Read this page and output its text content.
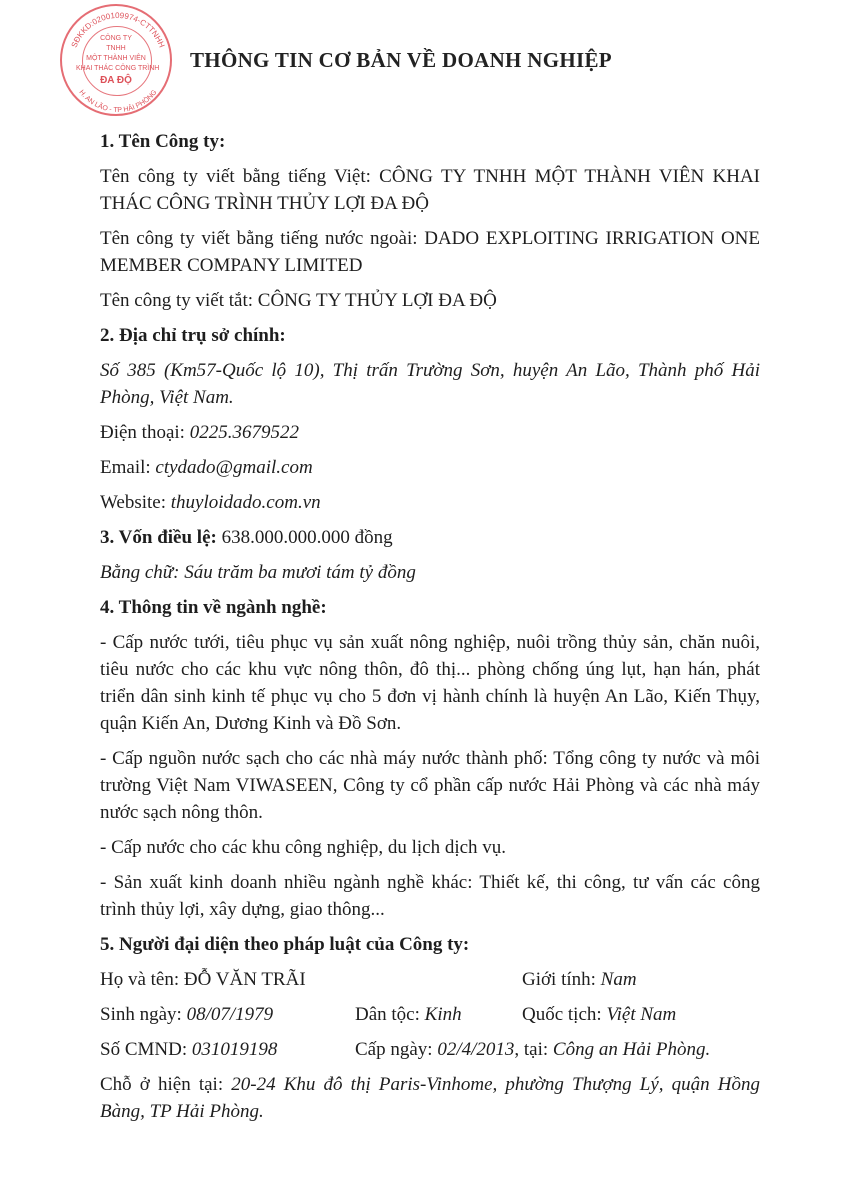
SĐKKD:0200109974-CTTNHH
H. AN LÃO - TP HẢI PHÒNG
CÔNG TY
TNHH
MỘT THÀNH VIÊN
KHAI THÁC CÔNG TRÌNH
ĐA ĐỘ
THÔNG TIN CƠ BẢN VỀ DOANH NGHIỆP

1. Tên Công ty:

Tên công ty viết bằng tiếng Việt: CÔNG TY TNHH MỘT THÀNH VIÊN KHAI THÁC CÔNG TRÌNH THỦY LỢI ĐA ĐỘ

Tên công ty viết bằng tiếng nước ngoài: DADO EXPLOITING IRRIGATION ONE MEMBER COMPANY LIMITED

Tên công ty viết tắt: CÔNG TY THỦY LỢI ĐA ĐỘ

2. Địa chỉ trụ sở chính:

Số 385 (Km57-Quốc lộ 10), Thị trấn Trường Sơn, huyện An Lão, Thành phố Hải Phòng, Việt Nam.

Điện thoại: 0225.3679522

Email: ctydado@gmail.com

Website: thuyloidado.com.vn

3. Vốn điều lệ: 638.000.000.000 đồng

Bằng chữ: Sáu trăm ba mươi tám tỷ đồng

4. Thông tin về ngành nghề:

- Cấp nước tưới, tiêu phục vụ sản xuất nông nghiệp, nuôi trồng thủy sản, chăn nuôi, tiêu nước cho các khu vực nông thôn, đô thị... phòng chống úng lụt, hạn hán, phát triển dân sinh kinh tế phục vụ cho 5 đơn vị hành chính là huyện An Lão, Kiến Thụy, quận Kiến An, Dương Kinh và Đồ Sơn.

- Cấp nguồn nước sạch cho các nhà máy nước thành phố: Tổng công ty nước và môi trường Việt Nam VIWASEEN, Công ty cổ phần cấp nước Hải Phòng và các nhà máy nước sạch nông thôn.

- Cấp nước cho các khu công nghiệp, du lịch dịch vụ.

- Sản xuất kinh doanh nhiều ngành nghề khác: Thiết kế, thi công, tư vấn các công trình thủy lợi, xây dựng, giao thông...

5. Người đại diện theo pháp luật của Công ty:

Họ và tên: ĐỖ VĂN TRÃI	Giới tính: Nam
Sinh ngày: 08/07/1979	Dân tộc: Kinh	Quốc tịch: Việt Nam
Số CMND: 031019198	Cấp ngày: 02/4/2013, tại: Công an Hải Phòng.

Chỗ ở hiện tại: 20-24 Khu đô thị Paris-Vinhome, phường Thượng Lý, quận Hồng Bàng, TP Hải Phòng.
